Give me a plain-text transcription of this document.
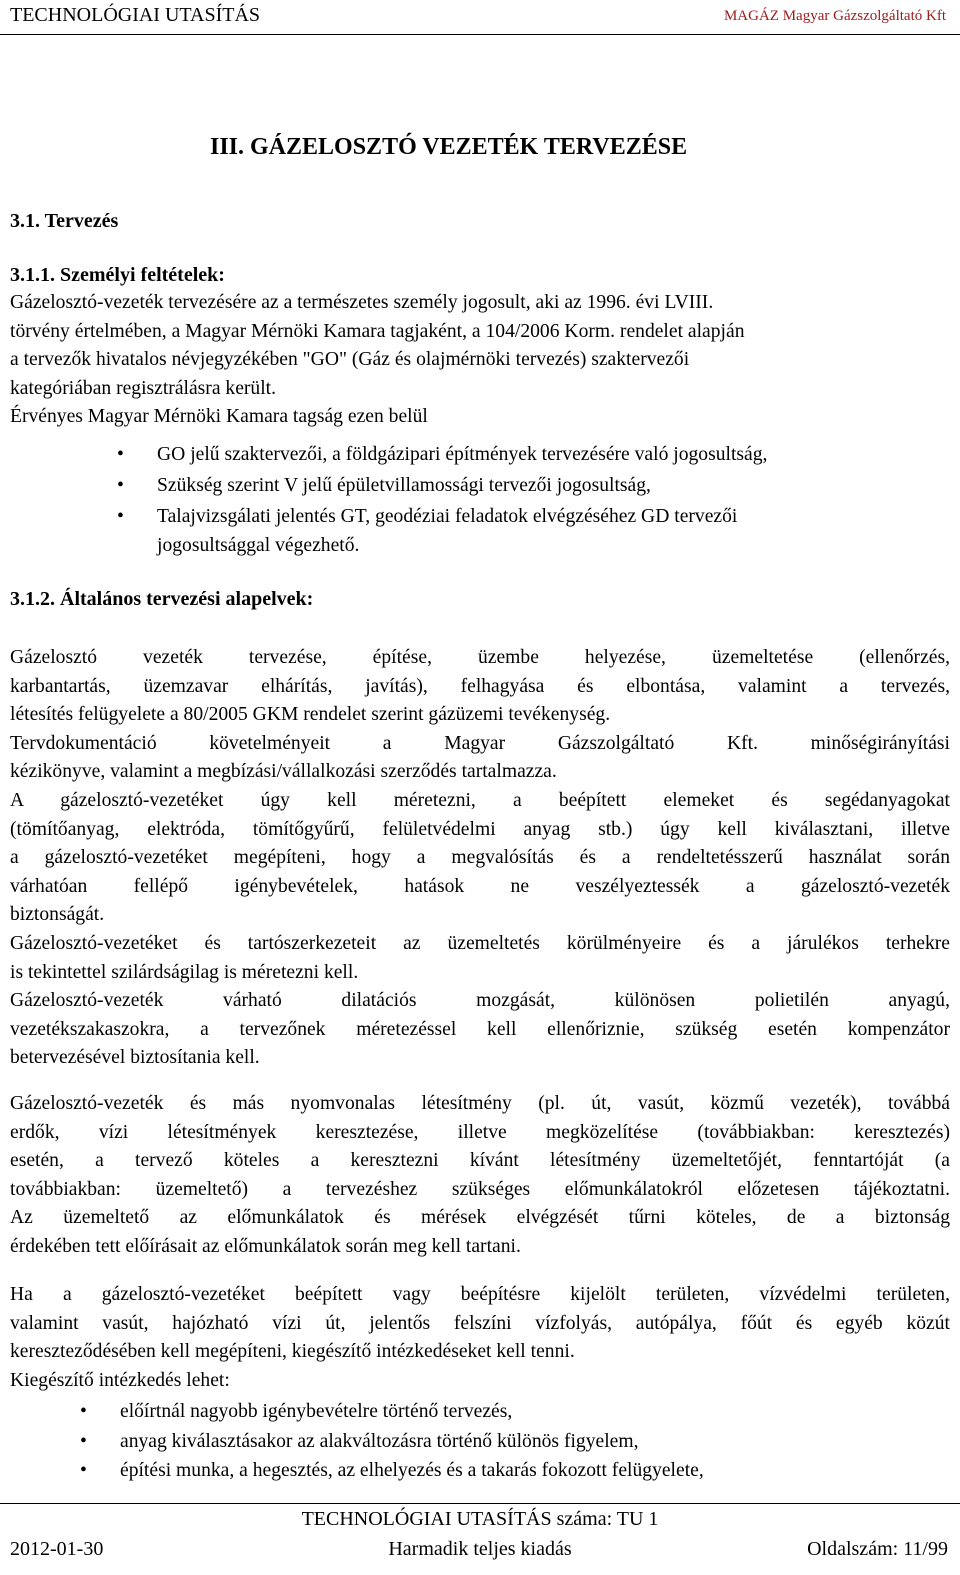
TECHNOLÓGIAI UTASÍTÁS	MAGÁZ Magyar Gázszolgáltató Kft
III. GÁZELOSZTÓ VEZETÉK TERVEZÉSE
3.1. Tervezés
3.1.1. Személyi feltételek:
Gázelosztó-vezeték tervezésére az a természetes személy jogosult, aki az 1996. évi LVIII.
törvény értelmében, a Magyar Mérnöki Kamara tagjaként, a 104/2006 Korm. rendelet alapján
a tervezők hivatalos névjegyzékében "GO" (Gáz és olajmérnöki tervezés) szaktervezői
kategóriában regisztrálásra került.
Érvényes Magyar Mérnöki Kamara tagság ezen belül
• GO jelű szaktervezői, a földgázipari építmények tervezésére való jogosultság,
• Szükség szerint V jelű épületvillamossági tervezői jogosultság,
• Talajvizsgálati jelentés GT, geodéziai feladatok elvégzéséhez GD tervezői
jogosultsággal végezhető.
3.1.2. Általános tervezési alapelvek:
Gázelosztó vezeték tervezése, építése, üzembe helyezése, üzemeltetése (ellenőrzés,
karbantartás, üzemzavar elhárítás, javítás), felhagyása és elbontása, valamint a tervezés,
létesítés felügyelete a 80/2005 GKM rendelet szerint gázüzemi tevékenység.
Tervdokumentáció követelményeit a Magyar Gázszolgáltató Kft. minőségirányítási
kézikönyve, valamint a megbízási/vállalkozási szerződés tartalmazza.
A gázelosztó-vezetéket úgy kell méretezni, a beépített elemeket és segédanyagokat
(tömítőanyag, elektróda, tömítőgyűrű, felületvédelmi anyag stb.) úgy kell kiválasztani, illetve
a gázelosztó-vezetéket megépíteni, hogy a megvalósítás és a rendeltetésszerű használat során
várhatóan fellépő igénybevételek, hatások ne veszélyeztessék a gázelosztó-vezeték
biztonságát.
Gázelosztó-vezetéket és tartószerkezeteit az üzemeltetés körülményeire és a járulékos terhekre
is tekintettel szilárdságilag is méretezni kell.
Gázelosztó-vezeték várható dilatációs mozgását, különösen polietilén anyagú,
vezetékszakaszokra, a tervezőnek méretezéssel kell ellenőriznie, szükség esetén kompenzátor
betervezésével biztosítania kell.
Gázelosztó-vezeték és más nyomvonalas létesítmény (pl. út, vasút, közmű vezeték), továbbá
erdők, vízi létesítmények keresztezése, illetve megközelítése (továbbiakban: keresztezés)
esetén, a tervező köteles a keresztezni kívánt létesítmény üzemeltetőjét, fenntartóját (a
továbbiakban: üzemeltető) a tervezéshez szükséges előmunkálatokról előzetesen tájékoztatni.
Az üzemeltető az előmunkálatok és mérések elvégzését tűrni köteles, de a biztonság
érdekében tett előírásait az előmunkálatok során meg kell tartani.
Ha a gázelosztó-vezetéket beépített vagy beépítésre kijelölt területen, vízvédelmi területen,
valamint vasút, hajózható vízi út, jelentős felszíni vízfolyás, autópálya, főút és egyéb közút
kereszteződésében kell megépíteni, kiegészítő intézkedéseket kell tenni.
Kiegészítő intézkedés lehet:
• előírtnál nagyobb igénybevételre történő tervezés,
• anyag kiválasztásakor az alakváltozásra történő különös figyelem,
• építési munka, a hegesztés, az elhelyezés és a takarás fokozott felügyelete,
TECHNOLÓGIAI UTASÍTÁS száma: TU 1
2012-01-30	Harmadik teljes kiadás	Oldalszám: 11/99
